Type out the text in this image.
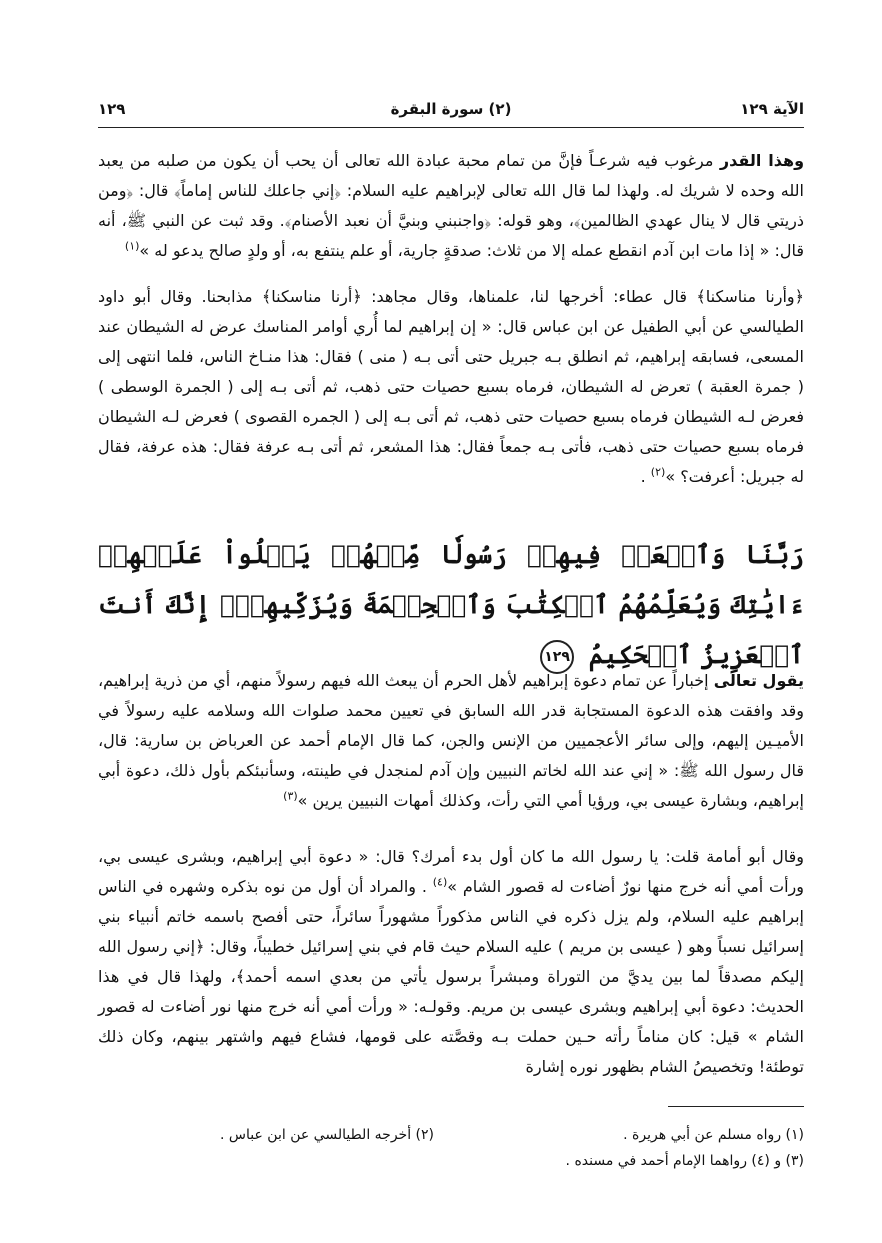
الآية ١٢٩
(٢) سورة البقرة
١٢٩

وهذا القدر مرغوب فيه شرعـاً فإنَّ من تمام محبة عبادة الله تعالى أن يحب أن يكون من صلبه من يعبد الله وحده لا شريك له. ولهذا لما قال الله تعالى لإبراهيم عليه السلام: ﴿إني جاعلك للناس إماماً﴾ قال: ﴿ومن ذريتي قال لا ينال عهدي الظالمين﴾، وهو قوله: ﴿واجنبني وبنيَّ أن نعبد الأصنام﴾. وقد ثبت عن النبي ﷺ، أنه قال: « إذا مات ابن آدم انقطع عمله إلا من ثلاث: صدقةٍ جارية، أو علم ينتفع به، أو ولدٍ صالح يدعو له »$^{(١)}$

﴿وأرنا مناسكنا﴾ قال عطاء: أخرجها لنا، علمناها، وقال مجاهد: ﴿أرنا مناسكنا﴾ مذابحنا. وقال أبو داود الطيالسي عن أبي الطفيل عن ابن عباس قال: « إن إبراهيم لما أُري أوامر المناسك عرض له الشيطان عند المسعى، فسابقه إبراهيم، ثم انطلق بـه جبريل حتى أتى بـه ( منى ) فقال: هذا منـاخ الناس، فلما انتهى إلى ( جمرة العقبة ) تعرض له الشيطان، فرماه بسبع حصيات حتى ذهب، ثم أتى بـه إلى ( الجمرة الوسطى ) فعرض لـه الشيطان فرماه بسبع حصيات حتى ذهب، ثم أتى بـه إلى ( الجمره القصوى ) فعرض لـه الشيطان فرماه بسبع حصيات حتى ذهب، فأتى بـه جمعاً فقال: هذا المشعر، ثم أتى بـه عرفة فقال: هذه عرفة، فقال له جبريل: أعرفت؟ »$^{(٢)}$ .

رَبَّنَا وَٱبۡعَثۡ فِيهِمۡ رَسُولٗا مِّنۡهُمۡ يَتۡلُواْ عَلَيۡهِمۡ ءَايَٰتِكَ وَيُعَلِّمُهُمُ ٱلۡكِتَٰبَ وَٱلۡحِكۡمَةَ وَيُزَكِّيهِمۡۖ إِنَّكَ أَنتَ ٱلۡعَزِيزُ ٱلۡحَكِيمُ ١٢٩

يقول تعالى إخباراً عن تمام دعوة إبراهيم لأهل الحرم أن يبعث الله فيهم رسولاً منهم، أي من ذرية إبراهيم، وقد وافقت هذه الدعوة المستجابة قدر الله السابق في تعيين محمد صلوات الله وسلامه عليه رسولاً في الأميـين إليهم، وإلى سائر الأعجميين من الإنس والجن، كما قال الإمام أحمد عن العرباض بن سارية: قال، قال رسول الله ﷺ: « إني عند الله لخاتم النبيين وإن آدم لمنجدل في طينته، وسأنبئكم بأول ذلك، دعوة أبي إبراهيم، وبشارة عيسى بي، ورؤيا أمي التي رأت، وكذلك أمهات النبيين يرين »$^{(٣)}$

وقال أبو أمامة قلت: يا رسول الله ما كان أول بدء أمرك؟ قال: « دعوة أبي إبراهيم، وبشرى عيسى بي، ورأت أمي أنه خرج منها نورٌ أضاءت له قصور الشام »$^{(٤)}$ . والمراد أن أول من نوه بذكره وشهره في الناس إبراهيم عليه السلام، ولم يزل ذكره في الناس مذكوراً مشهوراً سائراً، حتى أفصح باسمه خاتم أنبياء بني إسرائيل نسباً وهو ( عيسى بن مريم ) عليه السلام حيث قام في بني إسرائيل خطيباً، وقال: ﴿إني رسول الله إليكم مصدقاً لما بين يديَّ من التوراة ومبشراً برسول يأتي من بعدي اسمه أحمد﴾، ولهذا قال في هذا الحديث: دعوة أبي إبراهيم وبشرى عيسى بن مريم. وقولـه: « ورأت أمي أنه خرج منها نور أضاءت له قصور الشام » قيل: كان مناماً رأته حـين حملت بـه وقصَّته على قومها، فشاع فيهم واشتهر بينهم، وكان ذلك توطئة! وتخصيصُ الشام بظهور نوره إشارة

(١) رواه مسلم عن أبي هريرة .
(٢) أخرجه الطيالسي عن ابن عباس .
(٣) و (٤) رواهما الإمام أحمد في مسنده .
